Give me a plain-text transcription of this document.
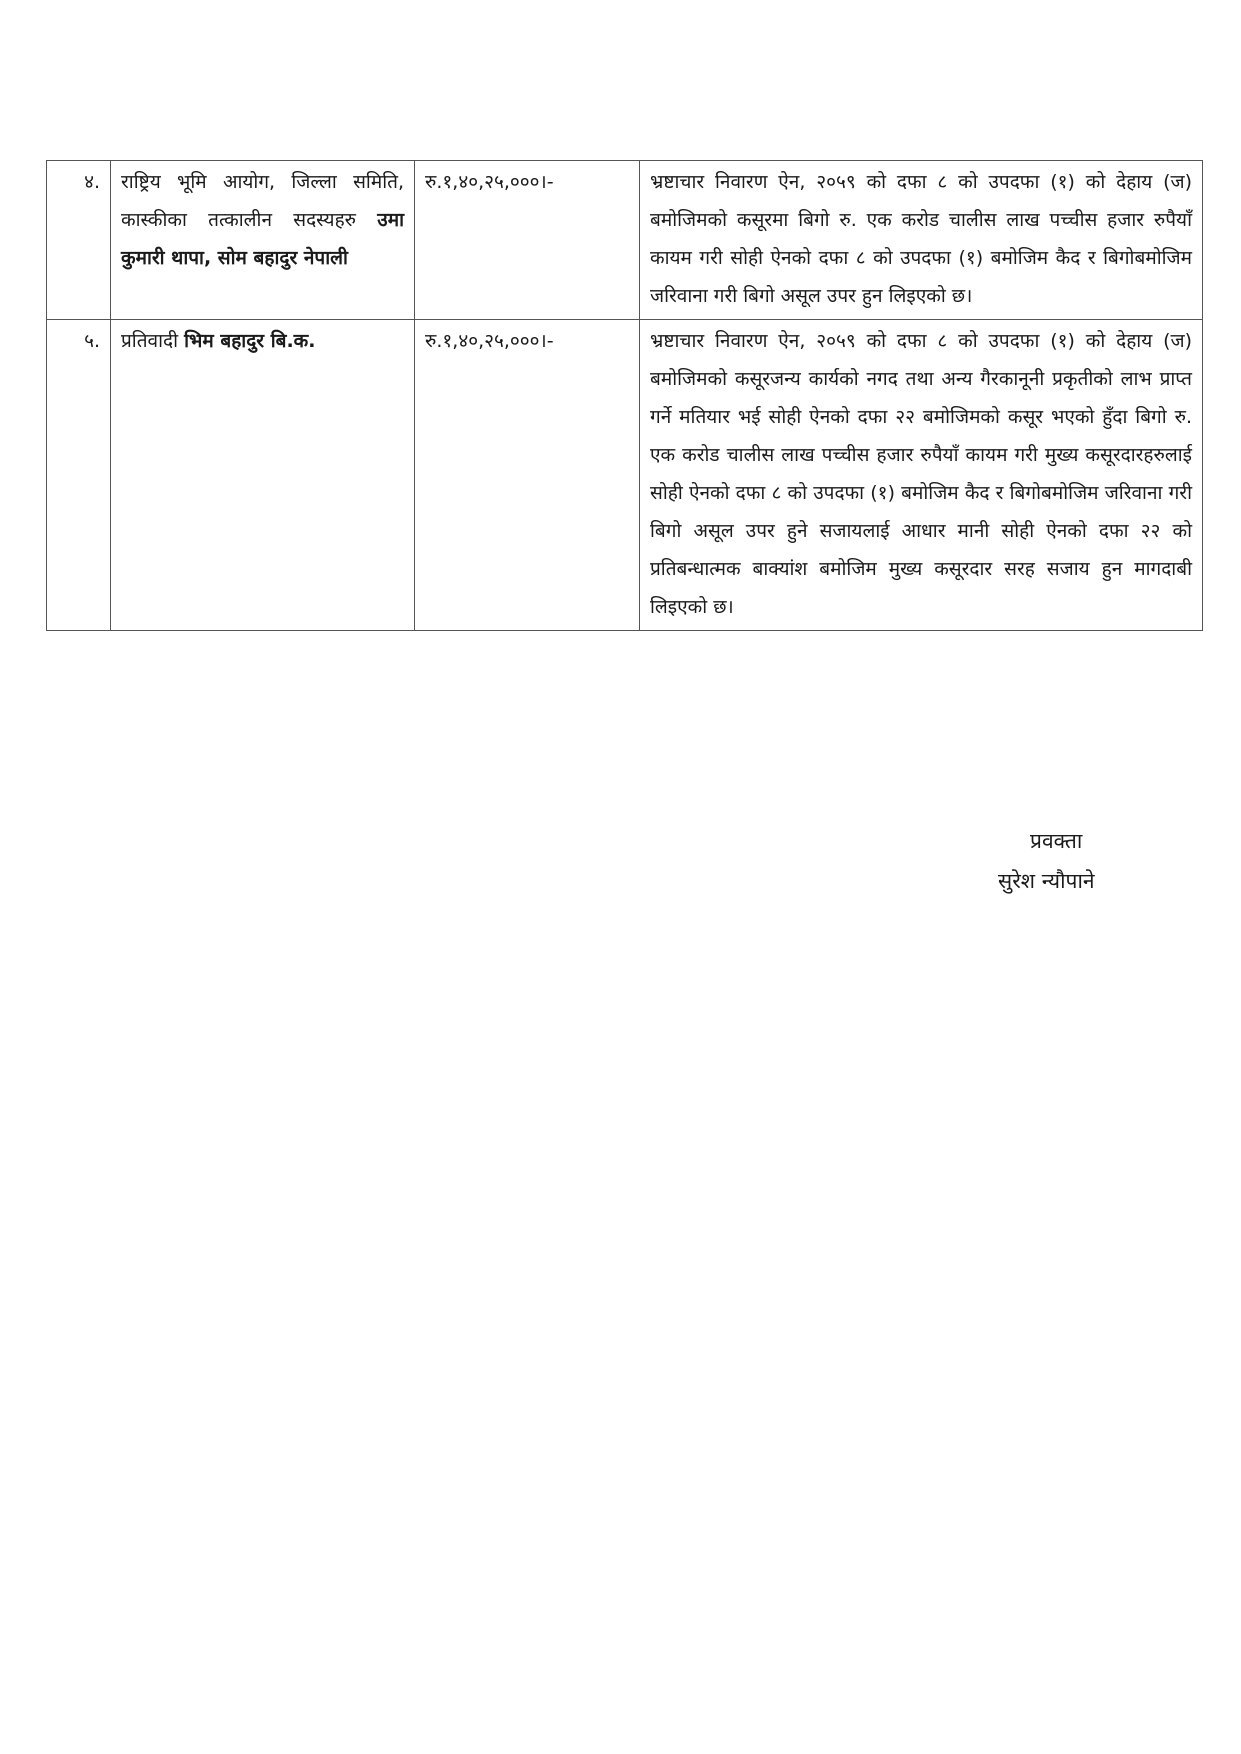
४.	राष्ट्रिय भूमि आयोग, जिल्ला समिति, कास्कीका तत्कालीन सदस्यहरु उमा कुमारी थापा, सोम बहादुर नेपाली	रु.१,४०,२५,०००।-	भ्रष्टाचार निवारण ऐन, २०५९ को दफा ८ को उपदफा (१) को देहाय (ज) बमोजिमको कसूरमा बिगो रु. एक करोड चालीस लाख पच्चीस हजार रुपैयाँ कायम गरी सोही ऐनको दफा ८ को उपदफा (१) बमोजिम कैद र बिगोबमोजिम जरिवाना गरी बिगो असूल उपर हुन लिइएको छ।
५.	प्रतिवादी भिम बहादुर बि.क.	रु.१,४०,२५,०००।-	भ्रष्टाचार निवारण ऐन, २०५९ को दफा ८ को उपदफा (१) को देहाय (ज) बमोजिमको कसूरजन्य कार्यको नगद तथा अन्य गैरकानूनी प्रकृतीको लाभ प्राप्त गर्ने मतियार भई सोही ऐनको दफा २२ बमोजिमको कसूर भएको हुँदा बिगो रु. एक करोड चालीस लाख पच्चीस हजार रुपैयाँ कायम गरी मुख्य कसूरदारहरुलाई सोही ऐनको दफा ८ को उपदफा (१) बमोजिम कैद र बिगोबमोजिम जरिवाना गरी बिगो असूल उपर हुने सजायलाई आधार मानी सोही ऐनको दफा २२ को प्रतिबन्धात्मक बाक्यांश बमोजिम मुख्य कसूरदार सरह सजाय हुन मागदाबी लिइएको छ।
प्रवक्ता
सुरेश न्यौपाने
